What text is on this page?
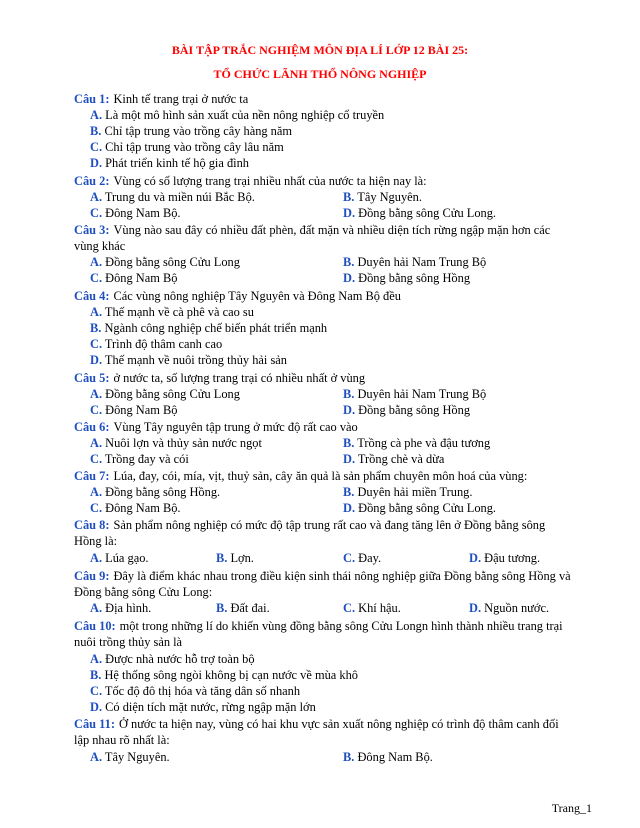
BÀI TẬP TRẮC NGHIỆM MÔN ĐỊA LÍ LỚP 12 BÀI 25:
TỔ CHỨC LÃNH THỔ NÔNG NGHIỆP
Câu 1: Kinh tế trang trại ở nước ta
A. Là một mô hình sản xuất của nền nông nghiệp cổ truyền
B. Chỉ tập trung vào trồng cây hàng năm
C. Chỉ tập trung vào trồng cây lâu năm
D. Phát triển kinh tế hộ gia đình
Câu 2: Vùng có số lượng trang trại nhiều nhất của nước ta hiện nay là:
A. Trung du và miền núi Bắc Bộ.	B. Tây Nguyên.
C. Đông Nam Bộ.	D. Đồng bằng sông Cửu Long.
Câu 3: Vùng nào sau đây có nhiều đất phèn, đất mặn và nhiều diện tích rừng ngập mặn hơn các vùng khác
A. Đồng bằng sông Cửu Long	B. Duyên hải Nam Trung Bộ
C. Đông Nam Bộ	D. Đồng bằng sông Hồng
Câu 4: Các vùng nông nghiệp Tây Nguyên và Đông Nam Bộ đều
A. Thế mạnh về cà phê và cao su
B. Ngành công nghiệp chế biến phát triển mạnh
C. Trình độ thâm canh cao
D. Thế mạnh về nuôi trồng thủy hải sản
Câu 5: ở nước ta, số lượng trang trại có nhiều nhất ở vùng
A. Đồng bằng sông Cửu Long	B. Duyên hải Nam Trung Bộ
C. Đông Nam Bộ	D. Đồng bằng sông Hồng
Câu 6: Vùng Tây nguyên tập trung ở mức độ rất cao vào
A. Nuôi lợn và thủy sản nước ngọt	B. Trồng cà phe và đậu tương
C. Trồng đay và cói	D. Trồng chè và dừa
Câu 7: Lúa, đay, cói, mía, vịt, thuỷ sản, cây ăn quả là sản phẩm chuyên môn hoá của vùng:
A. Đồng bằng sông Hồng.	B. Duyên hải miền Trung.
C. Đông Nam Bộ.	D. Đồng bằng sông Cửu Long.
Câu 8: Sản phẩm nông nghiệp có mức độ tập trung rất cao và đang tăng lên ở Đồng bằng sông Hồng là:
A. Lúa gạo.	B. Lợn.	C. Đay.	D. Đậu tương.
Câu 9: Đây là điểm khác nhau trong điều kiện sinh thái nông nghiệp giữa Đồng bằng sông Hồng và Đồng bằng sông Cửu Long:
A. Địa hình.	B. Đất đai.	C. Khí hậu.	D. Nguồn nước.
Câu 10: một trong những lí do khiến vùng đồng bằng sông Cửu Longn hình thành nhiều trang trại nuôi trồng thủy sản là
A. Được nhà nước hỗ trợ toàn bộ
B. Hệ thống sông ngòi không bị cạn nước về mùa khô
C. Tốc độ đô thị hóa và tăng dân số nhanh
D. Có diện tích mặt nước, rừng ngập mặn lớn
Câu 11: Ở nước ta hiện nay, vùng có hai khu vực sản xuất nông nghiệp có trình độ thâm canh đối lập nhau rõ nhất là:
A. Tây Nguyên.	B. Đông Nam Bộ.
Trang_1
